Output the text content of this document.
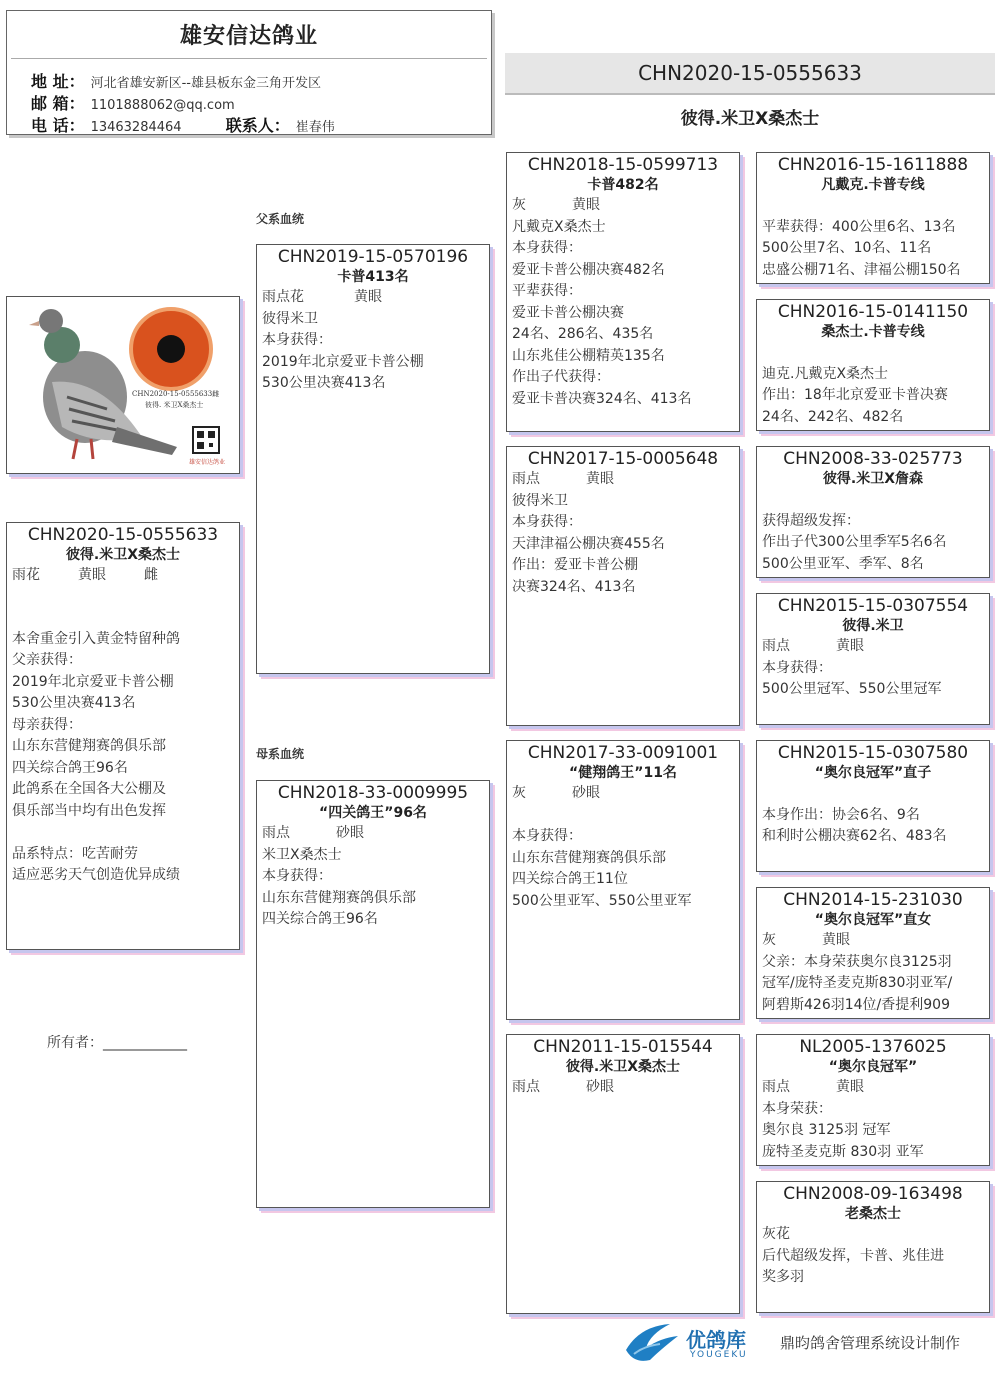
雄安信达鸽业
地 址： 河北省雄安新区--雄县板东金三角开发区
邮 箱： 1101888062@qq.com
电 话： 13463284464	联系人： 崔春伟
CHN2020-15-0555633
彼得.米卫X桑杰士
父系血统
母系血统
所有者：____________
CHN2020-15-0555633雌
彼得. 米卫X桑杰士
雄安信达鸽业
CHN2020-15-0555633
彼得.米卫X桑杰士
雨花	黄眼	雌
本舍重金引入黄金特留种鸽
父亲获得：
2019年北京爱亚卡普公棚
530公里决赛413名
母亲获得：
山东东营健翔赛鸽俱乐部
四关综合鸽王96名
此鸽系在全国各大公棚及
俱乐部当中均有出色发挥

品系特点：吃苦耐劳
适应恶劣天气创造优异成绩
CHN2019-15-0570196
卡普413名
雨点花	黄眼
彼得米卫
本身获得：
2019年北京爱亚卡普公棚
530公里决赛413名
CHN2018-33-0009995
“四关鸽王”96名
雨点	砂眼
米卫X桑杰士
本身获得：
山东东营健翔赛鸽俱乐部
四关综合鸽王96名
CHN2018-15-0599713
卡普482名
灰	黄眼
凡戴克X桑杰士
本身获得：
爱亚卡普公棚决赛482名
平辈获得：
爱亚卡普公棚决赛
24名、286名、435名
山东兆佳公棚精英135名
作出子代获得：
爱亚卡普决赛324名、413名
CHN2017-15-0005648
雨点	黄眼
彼得米卫
本身获得：
天津津福公棚决赛455名
作出：爱亚卡普公棚
决赛324名、413名
CHN2017-33-0091001
“健翔鸽王”11名
灰	砂眼

本身获得：
山东东营健翔赛鸽俱乐部
四关综合鸽王11位
500公里亚军、550公里亚军
CHN2011-15-015544
彼得.米卫X桑杰士
雨点	砂眼
CHN2016-15-1611888
凡戴克.卡普专线

平辈获得：400公里6名、13名
500公里7名、10名、11名
忠盛公棚71名、津福公棚150名
CHN2016-15-0141150
桑杰士.卡普专线

迪克.凡戴克X桑杰士
作出：18年北京爱亚卡普决赛
24名、242名、482名
CHN2008-33-025773
彼得.米卫X詹森

获得超级发挥：
作出子代300公里季军5名6名
500公里亚军、季军、8名
CHN2015-15-0307554
彼得.米卫
雨点	黄眼
本身获得：
500公里冠军、550公里冠军
CHN2015-15-0307580
“奥尔良冠军”直子

本身作出：协会6名、9名
和利时公棚决赛62名、483名
CHN2014-15-231030
“奥尔良冠军”直女
灰	黄眼
父亲：本身荣获奥尔良3125羽
冠军/庞特圣麦克斯830羽亚军/
阿碧斯426羽14位/香提利909
NL2005-1376025
“奥尔良冠军”
雨点	黄眼
本身荣获：
奥尔良 3125羽 冠军
庞特圣麦克斯 830羽 亚军
CHN2008-09-163498
老桑杰士
灰花
后代超级发挥，卡普、兆佳进
奖多羽
优鸽库
YOUGEKU
鼎昀鸽舍管理系统设计制作
